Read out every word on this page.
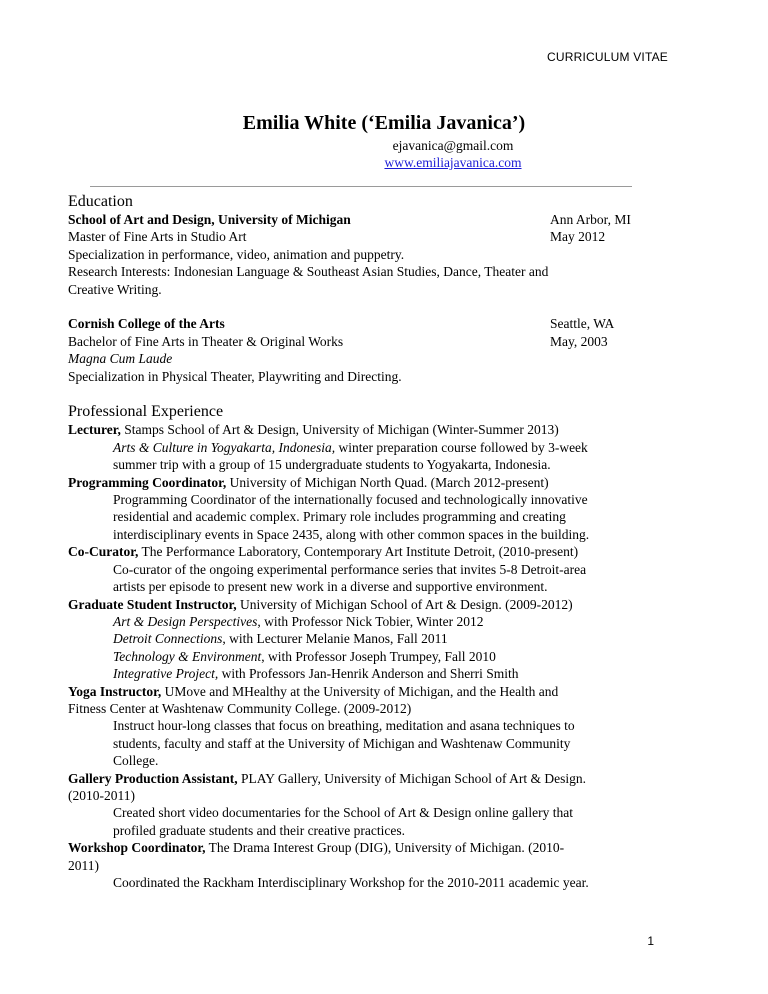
CURRICULUM VITAE
Emilia White (‘Emilia Javanica’)
ejavanica@gmail.com
www.emiliajavanica.com

Education

School of Art and Design, University of Michigan	Ann Arbor, MI
Master of Fine Arts in Studio Art	May 2012
Specialization in performance, video, animation and puppetry.
Research Interests: Indonesian Language & Southeast Asian Studies, Dance, Theater and
Creative Writing.
Cornish College of the Arts	Seattle, WA
Bachelor of Fine Arts in Theater & Original Works	May, 2003
Magna Cum Laude
Specialization in Physical Theater, Playwriting and Directing.

Professional Experience

Lecturer, Stamps School of Art & Design, University of Michigan (Winter-Summer 2013)
Arts & Culture in Yogyakarta, Indonesia, winter preparation course followed by 3-week
summer trip with a group of 15 undergraduate students to Yogyakarta, Indonesia.
Programming Coordinator, University of Michigan North Quad. (March 2012-present)
Programming Coordinator of the internationally focused and technologically innovative
residential and academic complex. Primary role includes programming and creating
interdisciplinary events in Space 2435, along with other common spaces in the building.
Co-Curator, The Performance Laboratory, Contemporary Art Institute Detroit, (2010-present)
Co-curator of the ongoing experimental performance series that invites 5-8 Detroit-area
artists per episode to present new work in a diverse and supportive environment.
Graduate Student Instructor, University of Michigan School of Art & Design. (2009-2012)
Art & Design Perspectives, with Professor Nick Tobier, Winter 2012
Detroit Connections, with Lecturer Melanie Manos, Fall 2011
Technology & Environment, with Professor Joseph Trumpey, Fall 2010
Integrative Project, with Professors Jan-Henrik Anderson and Sherri Smith
Yoga Instructor, UMove and MHealthy at the University of Michigan, and the Health and
Fitness Center at Washtenaw Community College. (2009-2012)
Instruct hour-long classes that focus on breathing, meditation and asana techniques to
students, faculty and staff at the University of Michigan and Washtenaw Community
College.
Gallery Production Assistant, PLAY Gallery, University of Michigan School of Art & Design.
(2010-2011)
Created short video documentaries for the School of Art & Design online gallery that
profiled graduate students and their creative practices.
Workshop Coordinator, The Drama Interest Group (DIG), University of Michigan. (2010-
2011)
Coordinated the Rackham Interdisciplinary Workshop for the 2010-2011 academic year.
1
